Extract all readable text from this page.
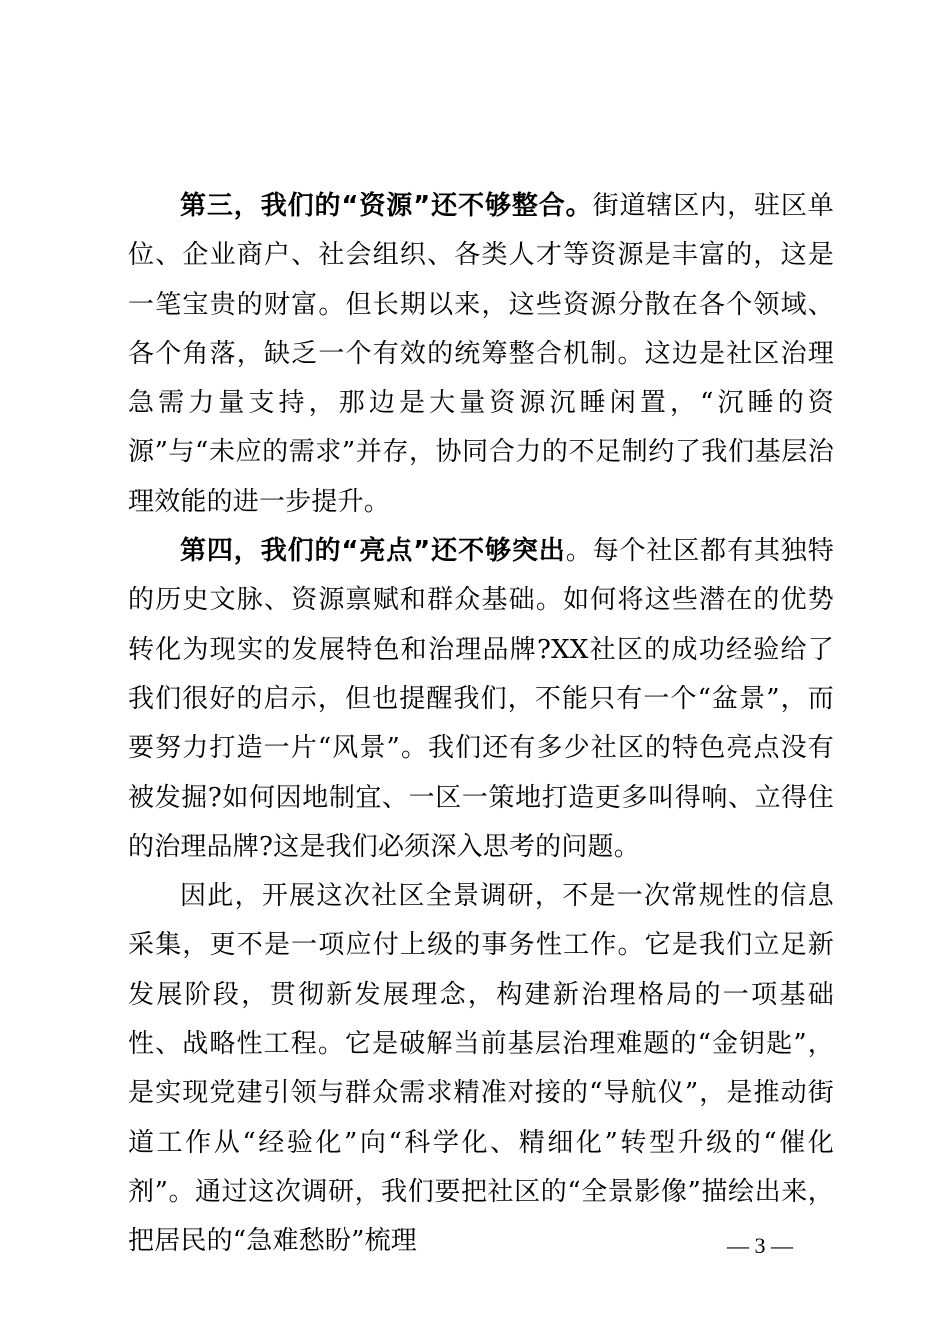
第三，我们的“资源”还不够整合。街道辖区内，驻区单位、企业商户、社会组织、各类人才等资源是丰富的，这是一笔宝贵的财富。但长期以来，这些资源分散在各个领域、各个角落，缺乏一个有效的统筹整合机制。这边是社区治理急需力量支持，那边是大量资源沉睡闲置，“沉睡的资源”与“未应的需求”并存，协同合力的不足制约了我们基层治理效能的进一步提升。

第四，我们的“亮点”还不够突出。每个社区都有其独特的历史文脉、资源禀赋和群众基础。如何将这些潜在的优势转化为现实的发展特色和治理品牌?XX社区的成功经验给了我们很好的启示，但也提醒我们，不能只有一个“盆景”，而要努力打造一片“风景”。我们还有多少社区的特色亮点没有被发掘?如何因地制宜、一区一策地打造更多叫得响、立得住的治理品牌?这是我们必须深入思考的问题。

因此，开展这次社区全景调研，不是一次常规性的信息采集，更不是一项应付上级的事务性工作。它是我们立足新发展阶段，贯彻新发展理念，构建新治理格局的一项基础性、战略性工程。它是破解当前基层治理难题的“金钥匙”，是实现党建引领与群众需求精准对接的“导航仪”，是推动街道工作从“经验化”向“科学化、精细化”转型升级的“催化剂”。通过这次调研，我们要把社区的“全景影像”描绘出来，把居民的“急难愁盼”梳理	— 3 —
